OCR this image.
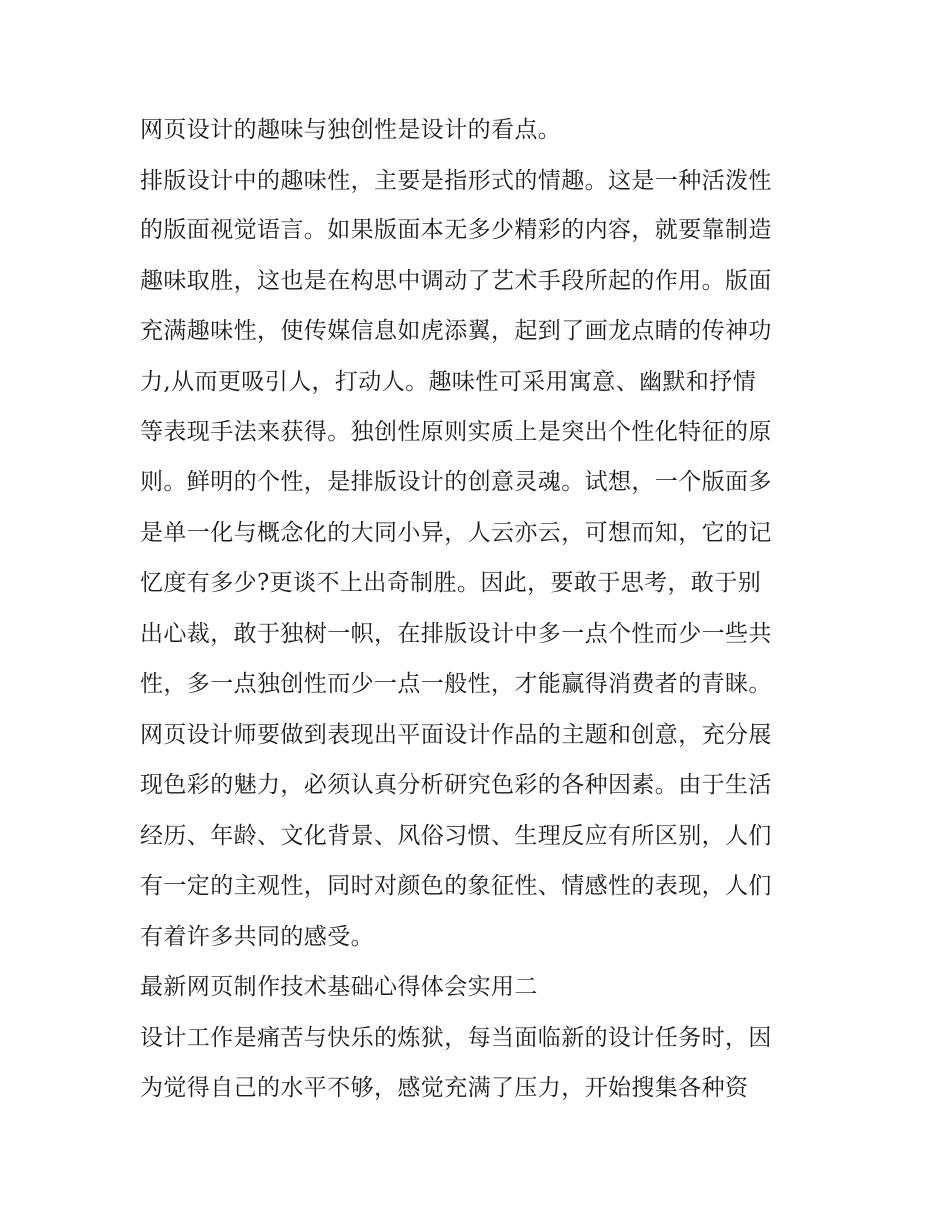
网页设计的趣味与独创性是设计的看点。

排版设计中的趣味性，主要是指形式的情趣。这是一种活泼性

的版面视觉语言。如果版面本无多少精彩的内容，就要靠制造

趣味取胜，这也是在构思中调动了艺术手段所起的作用。版面

充满趣味性，使传媒信息如虎添翼，起到了画龙点睛的传神功

力,从而更吸引人，打动人。趣味性可采用寓意、幽默和抒情

等表现手法来获得。独创性原则实质上是突出个性化特征的原

则。鲜明的个性，是排版设计的创意灵魂。试想，一个版面多

是单一化与概念化的大同小异，人云亦云，可想而知，它的记

忆度有多少?更谈不上出奇制胜。因此，要敢于思考，敢于别

出心裁，敢于独树一帜，在排版设计中多一点个性而少一些共

性，多一点独创性而少一点一般性，才能赢得消费者的青睐。

网页设计师要做到表现出平面设计作品的主题和创意，充分展

现色彩的魅力，必须认真分析研究色彩的各种因素。由于生活

经历、年龄、文化背景、风俗习惯、生理反应有所区别，人们

有一定的主观性，同时对颜色的象征性、情感性的表现，人们

有着许多共同的感受。

最新网页制作技术基础心得体会实用二

设计工作是痛苦与快乐的炼狱，每当面临新的设计任务时，因

为觉得自己的水平不够，感觉充满了压力，开始搜集各种资
